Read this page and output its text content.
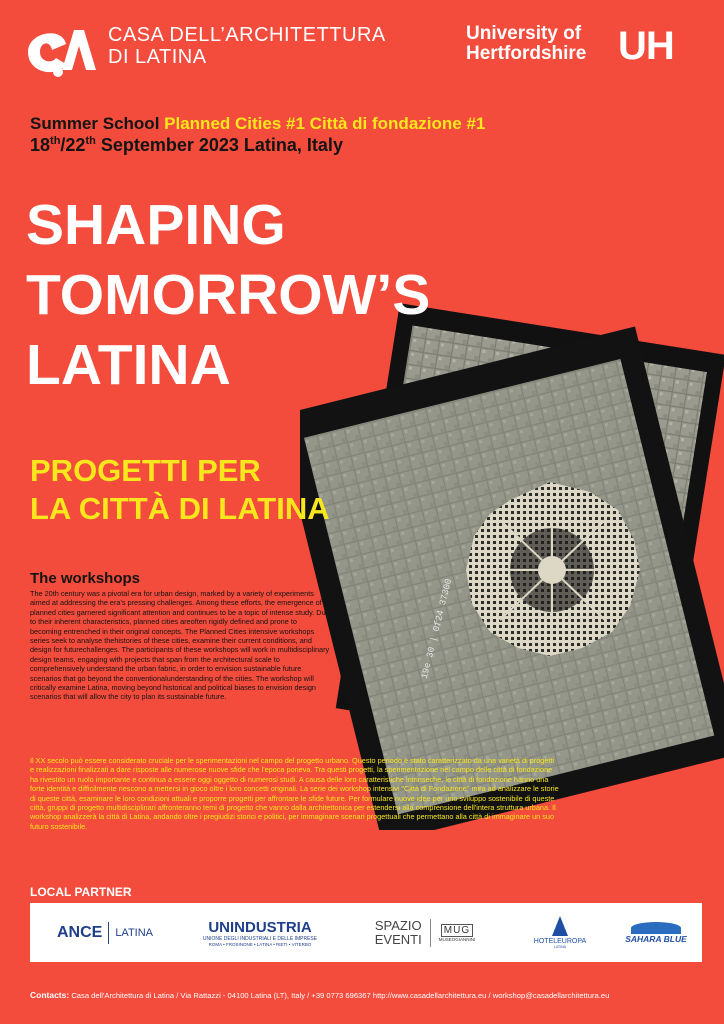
CASA DELL’ARCHITETTURA
DI LATINA
University of
Hertfordshire UH
Summer School Planned Cities #1 Città di fondazione #1
18th/22th September 2023 Latina, Italy
19e 30 | 0f24 37300
SHAPING
TOMORROW’S
LATINA
PROGETTI PER
LA CITTÀ DI LATINA
The workshops
The 20th century was a pivotal era for urban design, marked by a variety of experiments aimed at addressing the era's pressing challenges. Among these efforts, the emergence of planned cities garnered significant attention and continues to be a topic of intense study. Due to their inherent characteristics, planned cities areoften rigidly defined and prone to becoming entrenched in their original concepts. The Planned Cities intensive workshops series seek to analyse thehistories of these cities, examine their current conditions, and design for futurechallenges. The participants of these workshops will work in multidisciplinary design teams, engaging with projects that span from the architectural scale to comprehensively understand the urban fabric, in order to envision sustainable future scenarios that go beyond the conventionalunderstanding of the cities. The workshop will critically examine Latina, moving beyond historical and political biases to envision design scenarios that will allow the city to plan its sustainable future.
Il XX secolo può essere considerato cruciale per le sperimentazioni nel campo del progetto urbano. Questo periodo è stato caratterizzato da una varietà di progetti e realizzazioni finalizzati a dare risposte alle numerose nuove sfide che l'epoca poneva. Tra questi progetti, la sperimentazione nel campo delle città di fondazione ha rivestito un ruolo importante e continua a essere oggi oggetto di numerosi studi. A causa delle loro caratteristiche intrinseche, le città di fondazione hanno una forte identità e difficilmente riescono a mettersi in gioco oltre i loro concetti originali. La serie dei workshop intensivi "Città di Fondazione" mira ad analizzare le storie di queste città, esaminare le loro condizioni attuali e proporre progetti per affrontare le sfide future. Per formulare nuove idee per uno sviluppo sostenibile di queste città, gruppi di progetto multidisciplinari affronteranno temi di progetto che vanno dalla architettonica per estendersi alla comprensione dell'intera struttura urbana. Il workshop analizzerà la città di Latina, andando oltre i pregiudizi storici e politici, per immaginare scenari progettuali che permettano alla città di immaginare un suo futuro sostenibile.
LOCAL PARTNER
ANCE LATINA	UNINDUSTRIA
UNIONE DEGLI INDUSTRIALI E DELLE IMPRESE
ROMA • FROSINONE • LATINA • RIETI • VITERBO
SPAZIO
EVENTI
MUG
MUSEOGIANNINI	HOTELEUROPA
LATINA
SAHARA BLUE
Contacts: Casa dell'Architettura di Latina / Via Rattazzi - 04100 Latina (LT), Italy / +39 0773 696367 http://www.casadellarchitettura.eu / workshop@casadellarchitettura.eu
